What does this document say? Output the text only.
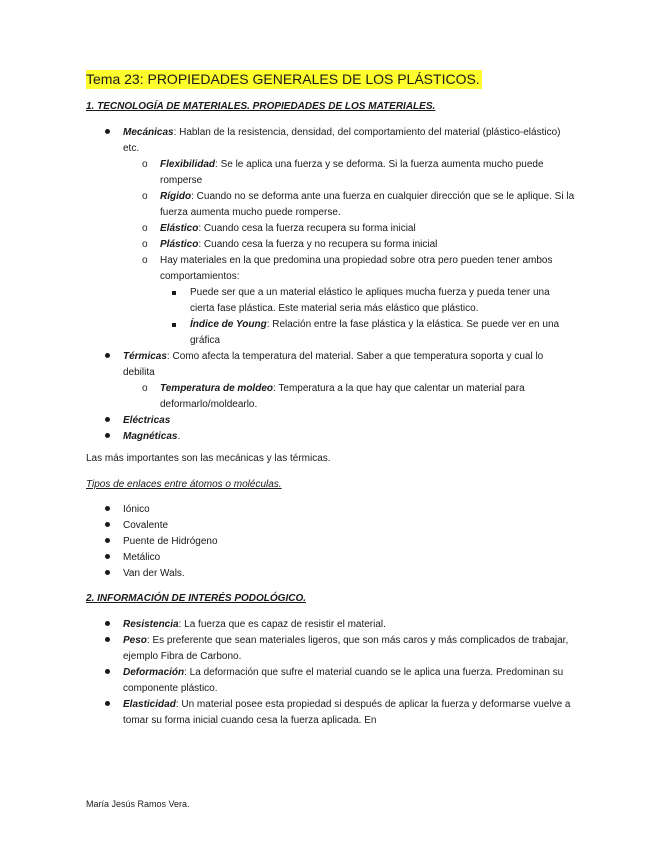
Tema 23: PROPIEDADES GENERALES DE LOS PLÁSTICOS.
1. TECNOLOGÍA DE MATERIALES. PROPIEDADES DE LOS MATERIALES.
Mecánicas: Hablan de la resistencia, densidad, del comportamiento del material (plástico-elástico) etc.
o Flexibilidad: Se le aplica una fuerza y se deforma. Si la fuerza aumenta mucho puede romperse
o Rígido: Cuando no se deforma ante una fuerza en cualquier dirección que se le aplique. Si la fuerza aumenta mucho puede romperse.
o Elástico: Cuando cesa la fuerza recupera su forma inicial
o Plástico: Cuando cesa la fuerza y no recupera su forma inicial
o Hay materiales en la que predomina una propiedad sobre otra pero pueden tener ambos comportamientos:
Puede ser que a un material elástico le apliques mucha fuerza y pueda tener una cierta fase plástica. Este material seria más elástico que plástico.
Índice de Young: Relación entre la fase plástica y la elástica. Se puede ver en una gráfica
Térmicas: Como afecta la temperatura del material. Saber a que temperatura soporta y cual lo debilita
o Temperatura de moldeo: Temperatura a la que hay que calentar un material para deformarlo/moldearlo.
Eléctricas
Magnéticas.
Las más importantes son las mecánicas y las térmicas.
Tipos de enlaces entre átomos o moléculas.
Iónico
Covalente
Puente de Hidrógeno
Metálico
Van der Wals.
2. INFORMACIÓN DE INTERÉS PODOLÓGICO.
Resistencia: La fuerza que es capaz de resistir el material.
Peso: Es preferente que sean materiales ligeros, que son más caros y más complicados de trabajar, ejemplo Fibra de Carbono.
Deformación: La deformación que sufre el material cuando se le aplica una fuerza. Predominan su componente plástico.
Elasticidad: Un material posee esta propiedad si después de aplicar la fuerza y deformarse vuelve a tomar su forma inicial cuando cesa la fuerza aplicada. En
María Jesús Ramos Vera.
